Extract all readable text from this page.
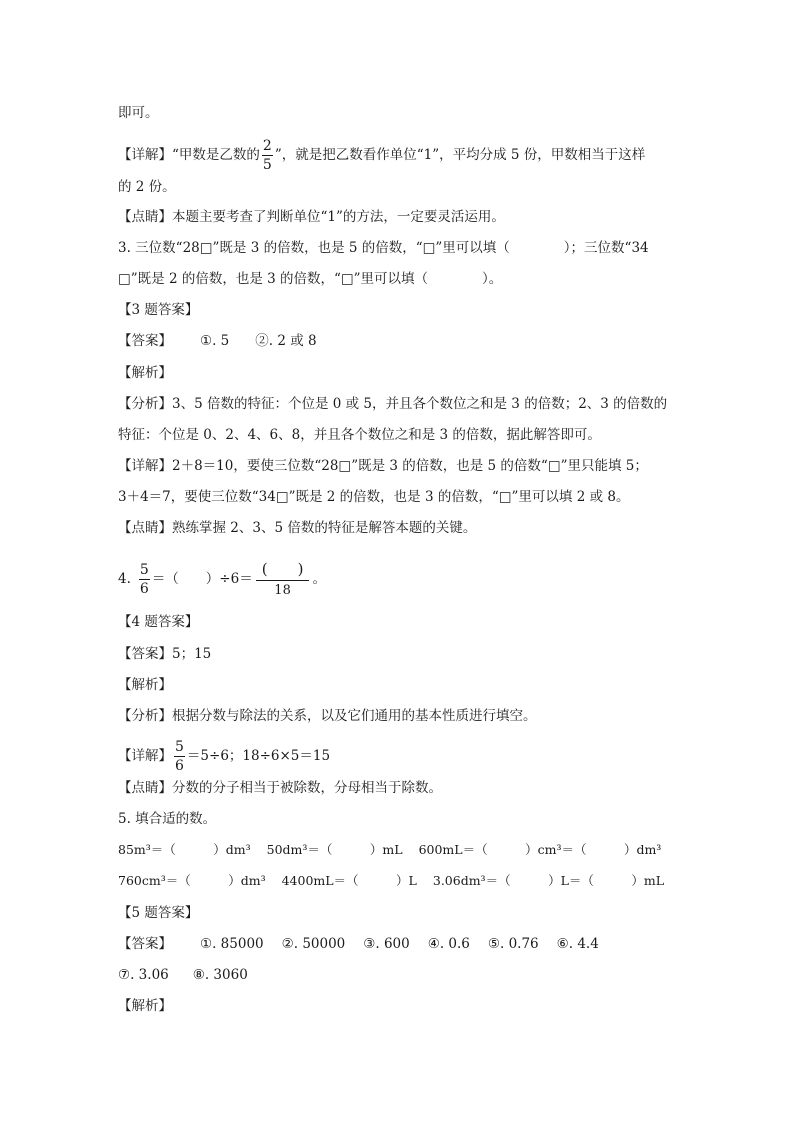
即可。
【详解】“甲数是乙数的 $\frac{2}{5}$ ”，就是把乙数看作单位“1”，平均分成 5 份，甲数相当于这样
的 2 份。
【点睛】本题主要考查了判断单位“1”的方法，一定要灵活运用。
3. 三位数“28□”既是 3 的倍数，也是 5 的倍数，“□”里可以填（　　　　）；三位数“34
□”既是 2 的倍数，也是 3 的倍数，“□”里可以填（　　　　）。
【3 题答案】
【答案】 ①. 5 ②. 2 或 8
【解析】
【分析】3、5 倍数的特征：个位是 0 或 5，并且各个数位之和是 3 的倍数；2、3 的倍数的
特征：个位是 0、2、4、6、8，并且各个数位之和是 3 的倍数，据此解答即可。
【详解】2＋8＝10，要使三位数“28□”既是 3 的倍数，也是 5 的倍数“□”里只能填 5；
3＋4＝7，要使三位数“34□”既是 2 的倍数，也是 3 的倍数，“□”里可以填 2 或 8。
【点睛】熟练掌握 2、3、5 倍数的特征是解答本题的关键。
4. $\frac{5}{6}$ ＝（　　）$\div 6= \frac{( )}{18}$ 。
【4 题答案】
【答案】5；15
【解析】
【分析】根据分数与除法的关系，以及它们通用的基本性质进行填空。
【详解】 $\frac{5}{6} =5\div 6$；18÷6×5＝15
【点睛】分数的分子相当于被除数，分母相当于除数。
5. 填合适的数。
85m³＝（　　　）dm³ 50dm³＝（　　　）mL 600mL＝（　　　）cm³＝（　　　）dm³
760cm³＝（　　　）dm³ 4400mL＝（　　　）L 3.06dm³＝（　　　）L＝（　　　）mL
【5 题答案】
【答案】 ①. 85000 ②. 50000 ③. 600 ④. 0.6 ⑤. 0.76 ⑥. 4.4
⑦. 3.06 ⑧. 3060
【解析】
